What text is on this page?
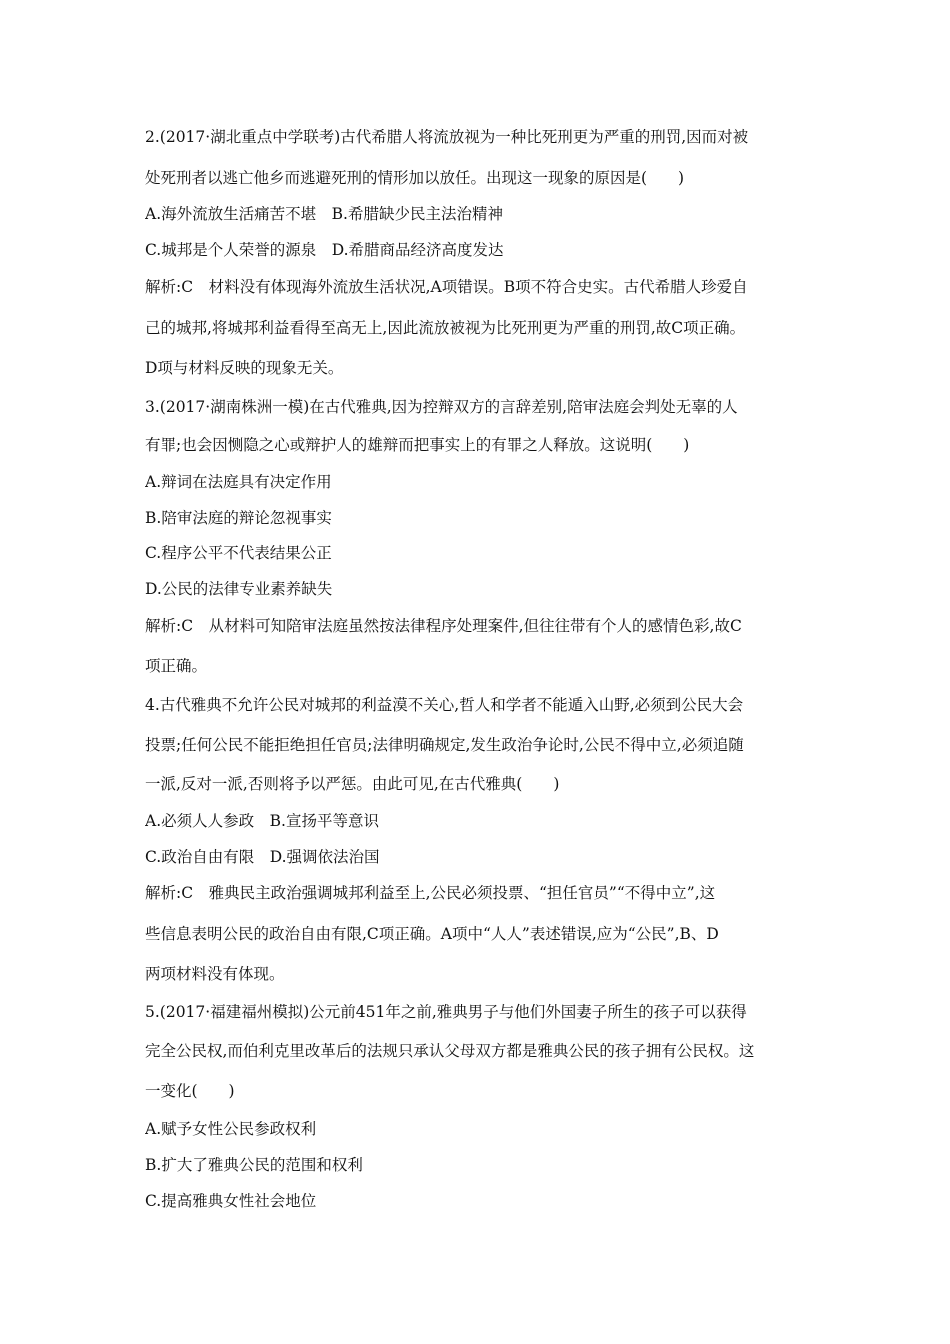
2.(2017·湖北重点中学联考)古代希腊人将流放视为一种比死刑更为严重的刑罚,因而对被
处死刑者以逃亡他乡而逃避死刑的情形加以放任。出现这一现象的原因是(　　)
A.海外流放生活痛苦不堪　B.希腊缺少民主法治精神
C.城邦是个人荣誉的源泉　D.希腊商品经济高度发达
解析:C　材料没有体现海外流放生活状况,A项错误。B项不符合史实。古代希腊人珍爱自
己的城邦,将城邦利益看得至高无上,因此流放被视为比死刑更为严重的刑罚,故C项正确。
D项与材料反映的现象无关。
3.(2017·湖南株洲一模)在古代雅典,因为控辩双方的言辞差别,陪审法庭会判处无辜的人
有罪;也会因恻隐之心或辩护人的雄辩而把事实上的有罪之人释放。这说明(　　)
A.辩词在法庭具有决定作用
B.陪审法庭的辩论忽视事实
C.程序公平不代表结果公正
D.公民的法律专业素养缺失
解析:C　从材料可知陪审法庭虽然按法律程序处理案件,但往往带有个人的感情色彩,故C
项正确。
4.古代雅典不允许公民对城邦的利益漠不关心,哲人和学者不能遁入山野,必须到公民大会
投票;任何公民不能拒绝担任官员;法律明确规定,发生政治争论时,公民不得中立,必须追随
一派,反对一派,否则将予以严惩。由此可见,在古代雅典(　　)
A.必须人人参政　B.宣扬平等意识
C.政治自由有限　D.强调依法治国
解析:C　雅典民主政治强调城邦利益至上,公民必须投票、“担任官员”“不得中立”,这
些信息表明公民的政治自由有限,C项正确。A项中“人人”表述错误,应为“公民”,B、D
两项材料没有体现。
5.(2017·福建福州模拟)公元前451年之前,雅典男子与他们外国妻子所生的孩子可以获得
完全公民权,而伯利克里改革后的法规只承认父母双方都是雅典公民的孩子拥有公民权。这
一变化(　　)
A.赋予女性公民参政权利
B.扩大了雅典公民的范围和权利
C.提高雅典女性社会地位
